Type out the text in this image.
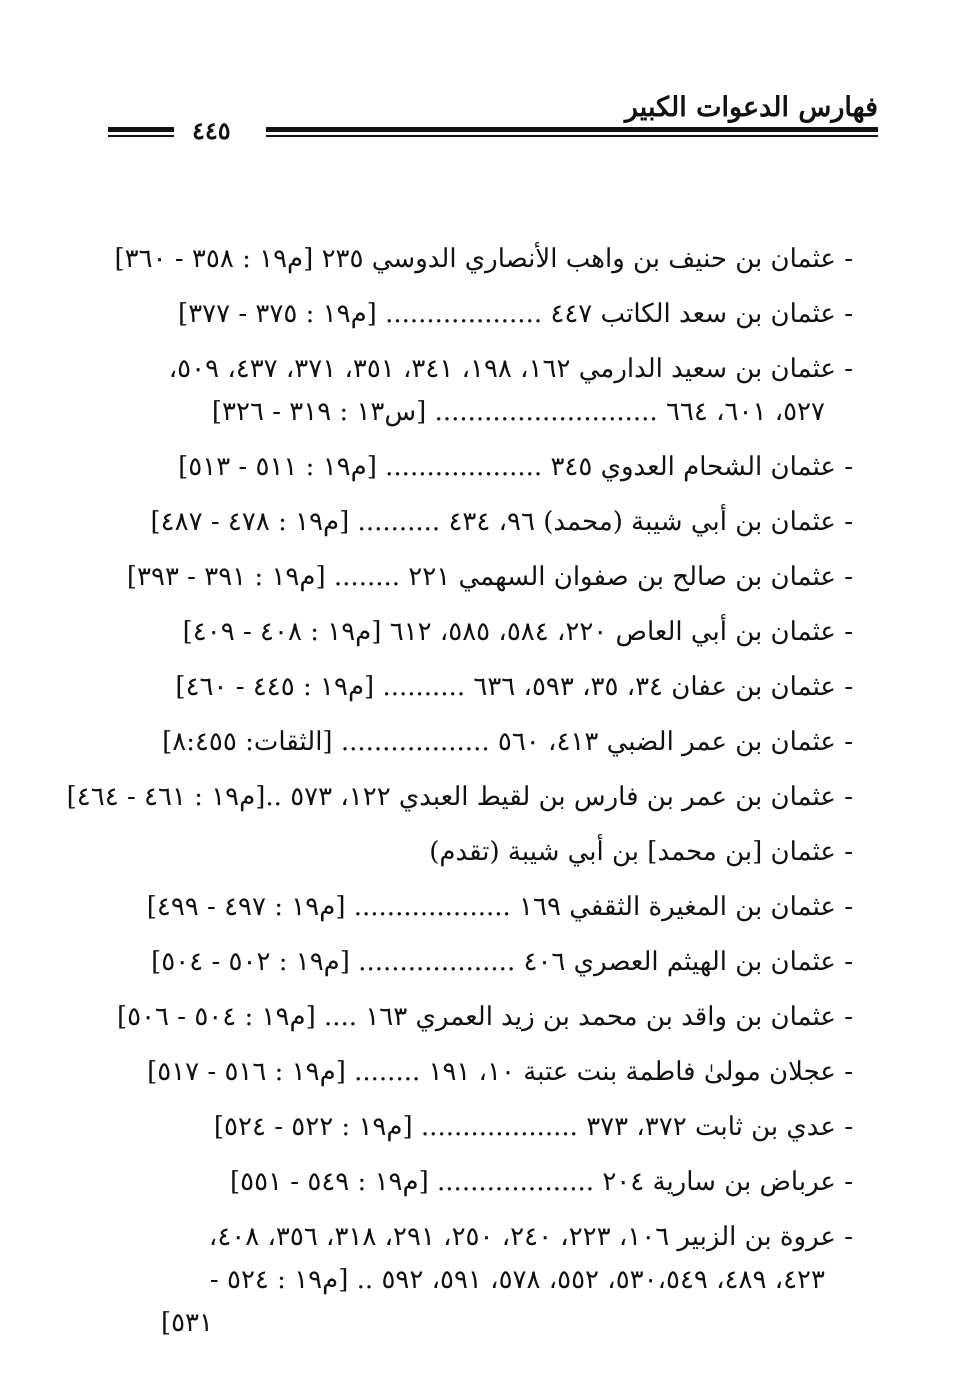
فهارس الدعوات الكبير
٤٤٥
- عثمان بن حنيف بن واهب الأنصاري الدوسي ٢٣٥ [م١٩ : ٣٥٨ - ٣٦٠]
- عثمان بن سعد الكاتب ٤٤٧ ................... [م١٩ : ٣٧٥ - ٣٧٧]
- عثمان بن سعيد الدارمي ١٦٢، ١٩٨، ٣٤١، ٣٥١، ٣٧١، ٤٣٧، ٥٠٩،
٥٢٧، ٦٠١، ٦٦٤ ........................... [س١٣ : ٣١٩ - ٣٢٦]
- عثمان الشحام العدوي ٣٤٥ ................... [م١٩ : ٥١١ - ٥١٣]
- عثمان بن أبي شيبة (محمد) ٩٦، ٤٣٤ .......... [م١٩ : ٤٧٨ - ٤٨٧]
- عثمان بن صالح بن صفوان السهمي ٢٢١ ........ [م١٩ : ٣٩١ - ٣٩٣]
- عثمان بن أبي العاص ٢٢٠، ٥٨٤، ٥٨٥، ٦١٢ [م١٩ : ٤٠٨ - ٤٠٩]
- عثمان بن عفان ٣٤، ٣٥، ٥٩٣، ٦٣٦ .......... [م١٩ : ٤٤٥ - ٤٦٠]
- عثمان بن عمر الضبي ٤١٣، ٥٦٠ .................. [الثقات: ٨:٤٥٥]
- عثمان بن عمر بن فارس بن لقيط العبدي ١٢٢، ٥٧٣ ..[م١٩ : ٤٦١ - ٤٦٤]
- عثمان [بن محمد] بن أبي شيبة (تقدم)
- عثمان بن المغيرة الثقفي ١٦٩ ................... [م١٩ : ٤٩٧ - ٤٩٩]
- عثمان بن الهيثم العصري ٤٠٦ ................... [م١٩ : ٥٠٢ - ٥٠٤]
- عثمان بن واقد بن محمد بن زيد العمري ١٦٣ .... [م١٩ : ٥٠٤ - ٥٠٦]
- عجلان مولىٰ فاطمة بنت عتبة ١٠، ١٩١ ........ [م١٩ : ٥١٦ - ٥١٧]
- عدي بن ثابت ٣٧٢، ٣٧٣ ................... [م١٩ : ٥٢٢ - ٥٢٤]
- عرباض بن سارية ٢٠٤ ................... [م١٩ : ٥٤٩ - ٥٥١]
- عروة بن الزبير ١٠٦، ٢٢٣، ٢٤٠، ٢٥٠، ٢٩١، ٣١٨، ٣٥٦، ٤٠٨،
٤٢٣، ٤٨٩، ٥٣٠،٥٤٩، ٥٥٢، ٥٧٨، ٥٩١، ٥٩٢ .. [م١٩ : ٥٢٤ -
٥٣١]
